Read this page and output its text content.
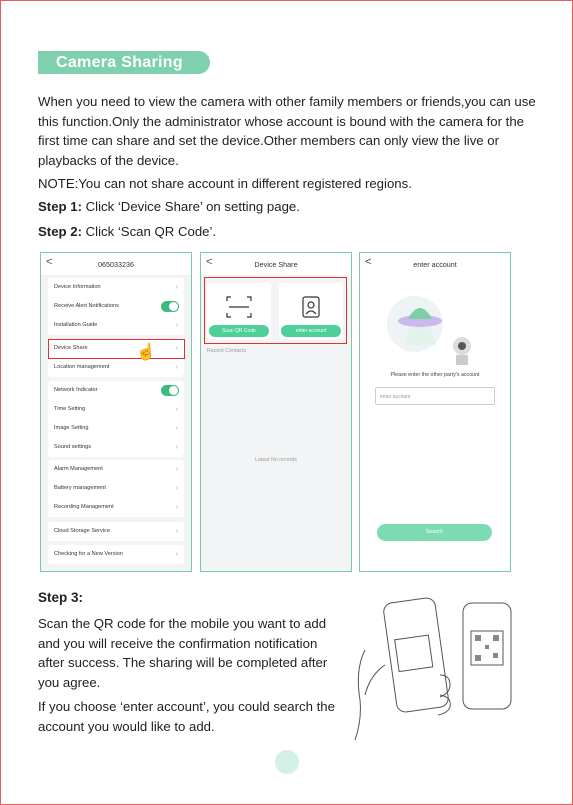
Camera Sharing
When you need to view the camera with other family members or friends,you can use this function.Only the administrator whose account is bound with the camera for the first time can share and set the device.Other members can only view the live or playbacks of the device.
NOTE:You can not share account in different registered regions.
Step 1: Click ‘Device Share’ on setting page.
Step 2: Click ‘Scan QR Code’.
<	065033236
Device Information	›
Receive Alert Notifications
Installation Guide	›
Device Share	›
Location management	›
☝
Network Indicator
Time Setting	›
Image Setting	›
Sound settings	›
Alarm Management	›
Battery management	›
Recording Management	›
Cloud Storage Service	›
Checking for a New Version	›
<	Device Share
Scan QR Code	enter account
Recent Contacts
Latest No records
<	enter account
Please enter the other party's account
enter account
Search
Step 3:
Scan the QR code for the mobile you want to add and you will receive the confirmation notification after success. The sharing will be completed after you agree.
If you choose ‘enter account’, you could search the account you would like to add.
